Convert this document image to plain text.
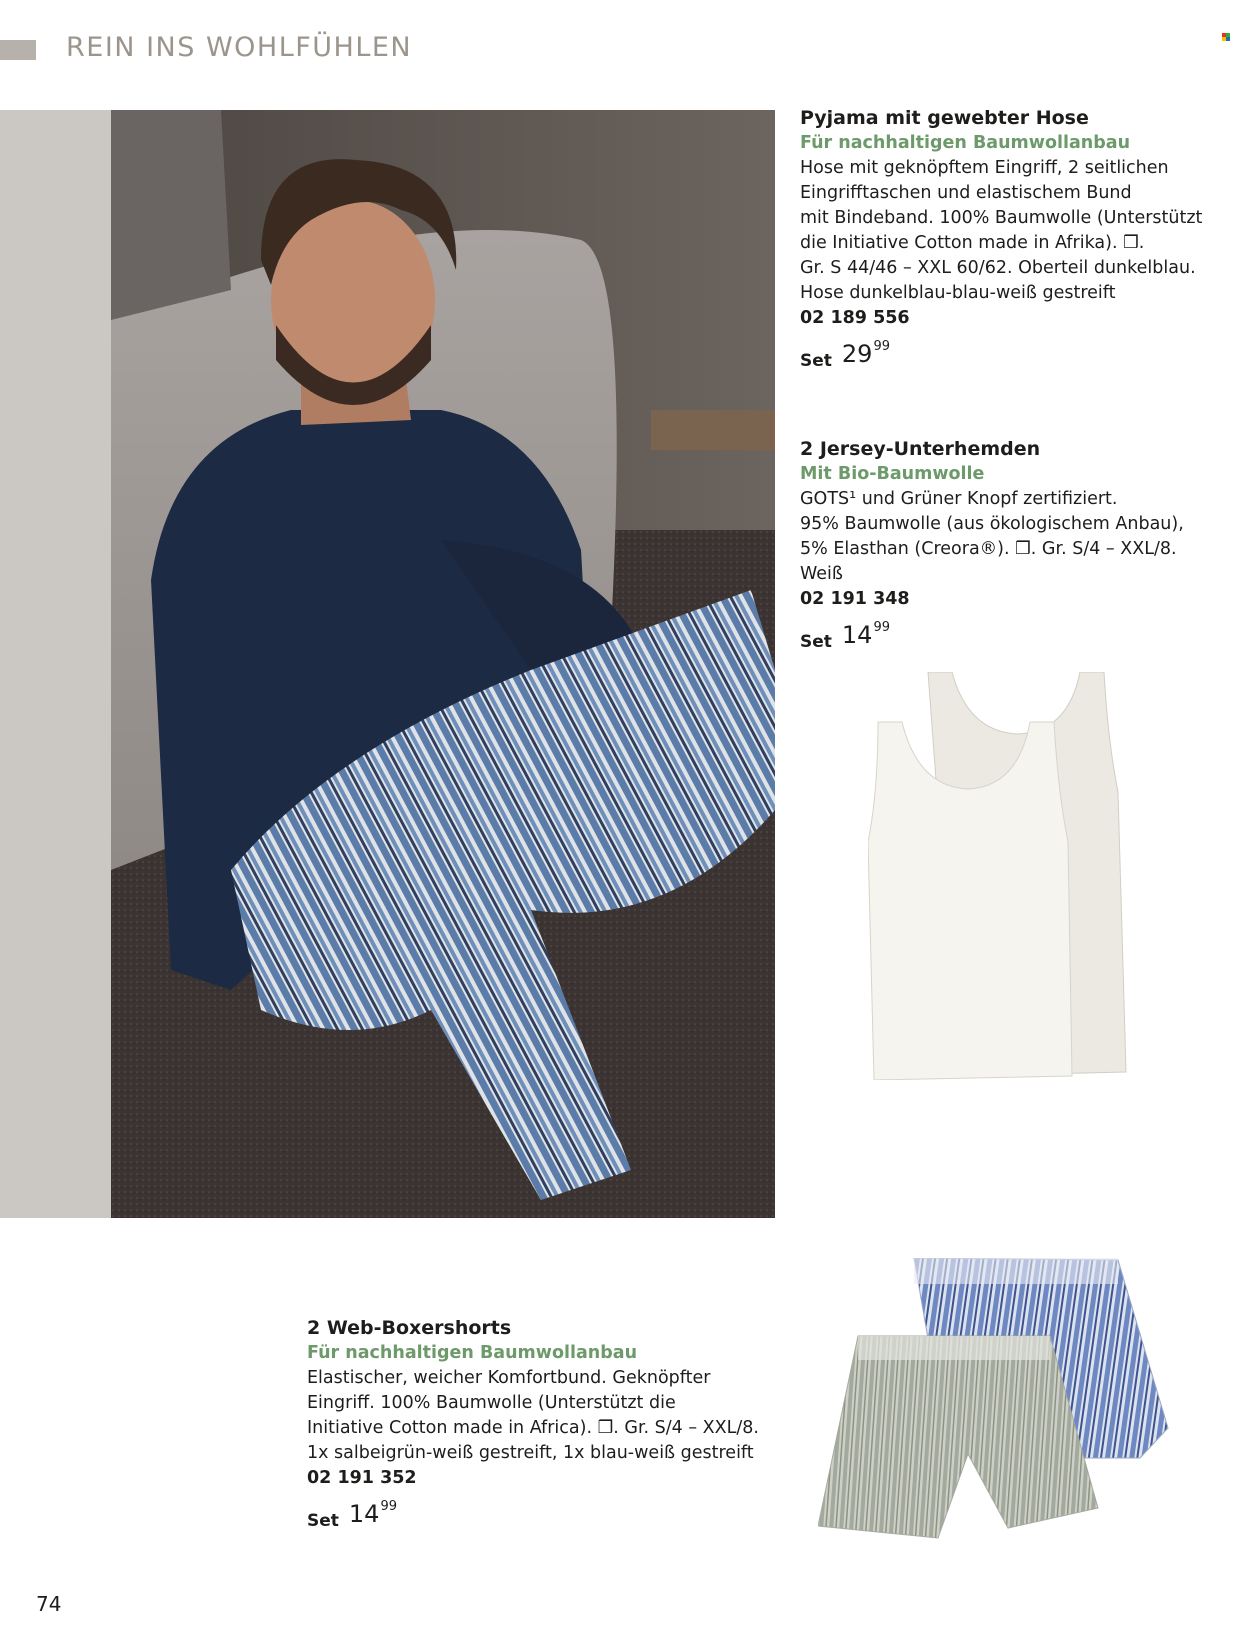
REIN INS WOHLFÜHLEN
Pyjama mit gewebter Hose
Für nachhaltigen Baumwollanbau
Hose mit geknöpftem Eingriff, 2 seitlichen
Eingrifftaschen und elastischem Bund
mit Bindeband. 100% Baumwolle (Unterstützt
die Initiative Cotton made in Afrika). ❒.
Gr. S 44/46 – XXL 60/62. Oberteil dunkelblau.
Hose dunkelblau-blau-weiß gestreift
02 189 556
Set 29 99
2 Jersey-Unterhemden
Mit Bio-Baumwolle
GOTS¹ und Grüner Knopf zertifiziert.
95% Baumwolle (aus ökologischem Anbau),
5% Elasthan (Creora®). ❒. Gr. S/4 – XXL/8.
Weiß
02 191 348
Set 14 99
2 Web-Boxershorts
Für nachhaltigen Baumwollanbau
Elastischer, weicher Komfortbund. Geknöpfter
Eingriff. 100% Baumwolle (Unterstützt die
Initiative Cotton made in Africa). ❒. Gr. S/4 – XXL/8.
1x salbeigrün-weiß gestreift, 1x blau-weiß gestreift
02 191 352
Set 14 99
74
